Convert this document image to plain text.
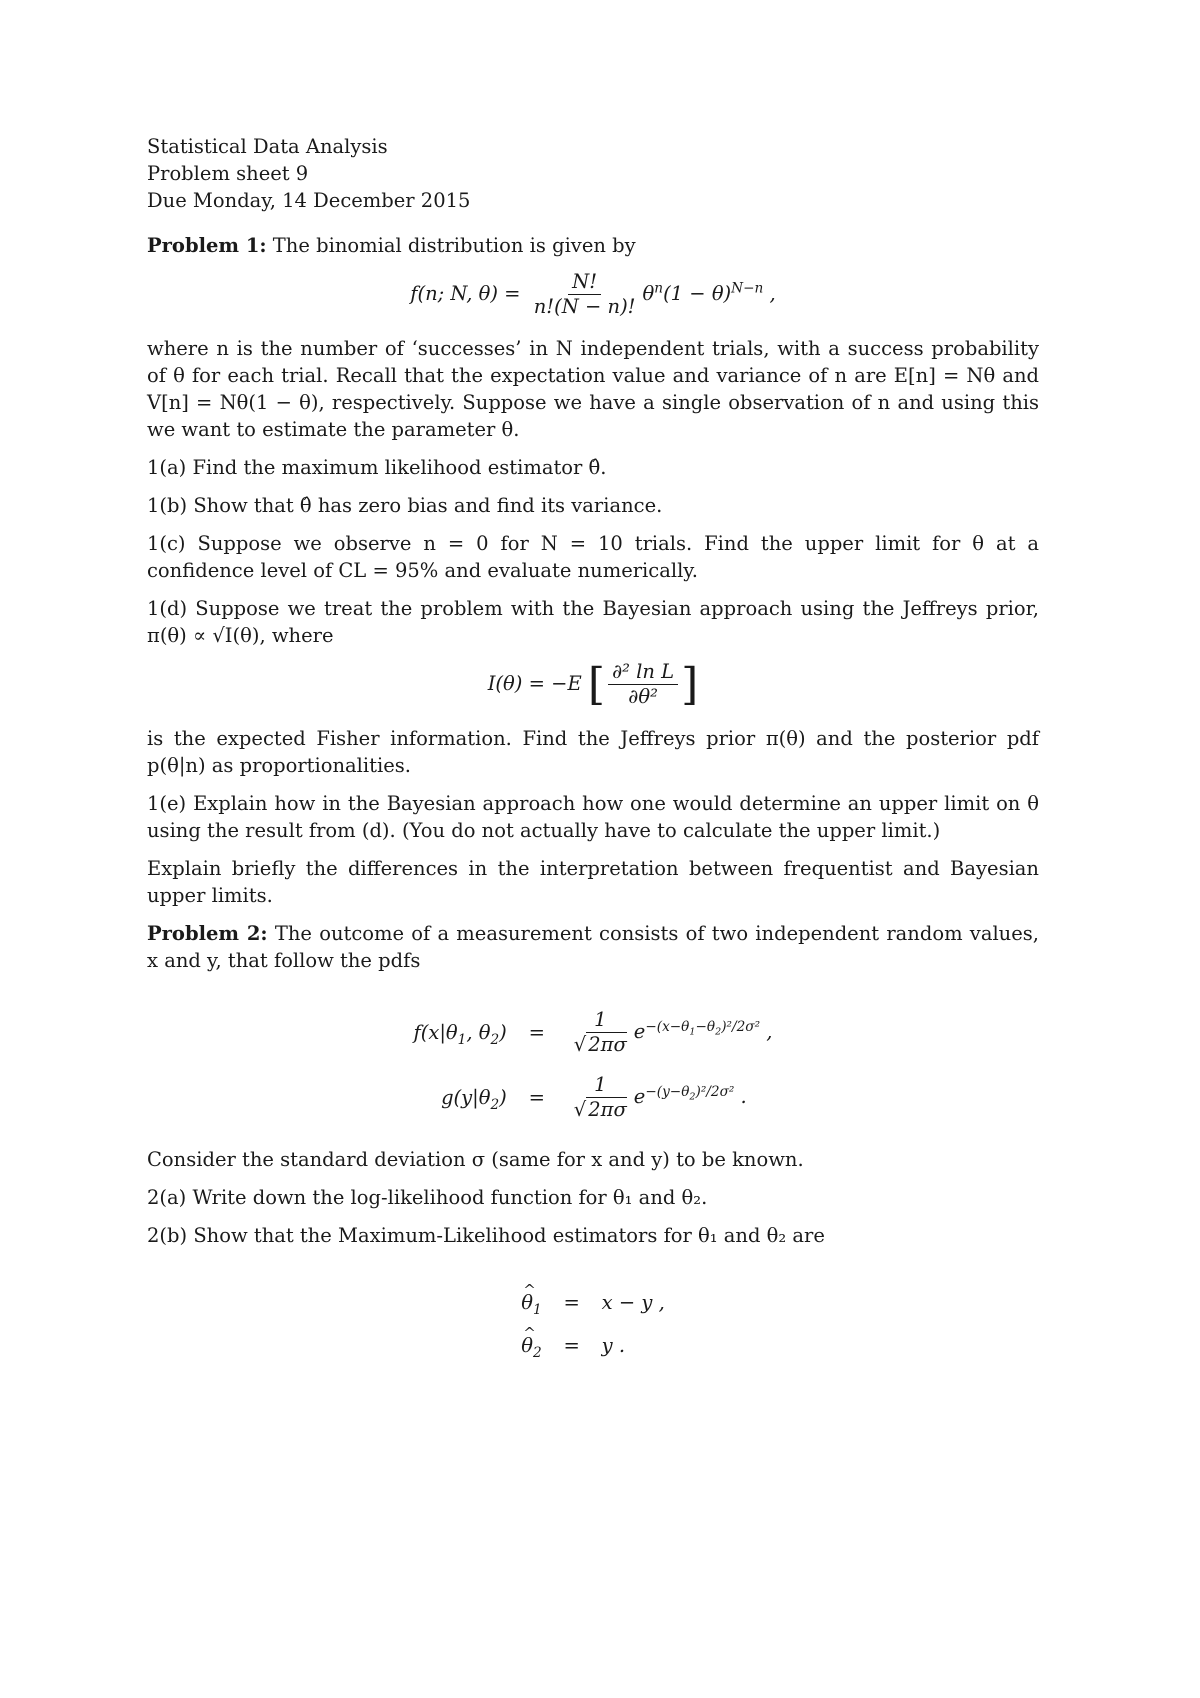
Statistical Data Analysis
Problem sheet 9
Due Monday, 14 December 2015

Problem 1: The binomial distribution is given by

f(n; N, $\theta) = \frac{N!}{n!(N - n)!} \theta^n(1 - \theta)^{N-n}$ ,

where n is the number of ‘successes’ in N independent trials, with a success probability of θ for each trial. Recall that the expectation value and variance of n are E[n] = Nθ and V[n] = Nθ(1 − θ), respectively. Suppose we have a single observation of n and using this we want to estimate the parameter θ.

1(a) Find the maximum likelihood estimator θ̂.

1(b) Show that θ̂ has zero bias and find its variance.

1(c) Suppose we observe n = 0 for N = 10 trials. Find the upper limit for θ at a confidence level of CL = 95% and evaluate numerically.

1(d) Suppose we treat the problem with the Bayesian approach using the Jeffreys prior, π(θ) ∝ √I(θ), where

I(θ) = −E [ $\frac{\text{∂² ln L}}{\text{∂θ²}}$ ]

is the expected Fisher information. Find the Jeffreys prior π(θ) and the posterior pdf p(θ|n) as proportionalities.

1(e) Explain how in the Bayesian approach how one would determine an upper limit on θ using the result from (d). (You do not actually have to calculate the upper limit.)

Explain briefly the differences in the interpretation between frequentist and Bayesian upper limits.

Problem 2: The outcome of a measurement consists of two independent random values, x and y, that follow the pdfs

$f(x|\theta_1$, $\theta_2$)	=	$\frac{1}{√ 2\pi\sigma} e^{-(x-\theta_1-\theta_2)^2/2\sigma^2}$ ,
$g(y|\theta_2)$	=	$\frac{1}{√ 2\pi\sigma} e^{-(y-\theta_2)^2/2\sigma^2}$ .

Consider the standard deviation σ (same for x and y) to be known.

2(a) Write down the log-likelihood function for θ₁ and θ₂.

2(b) Show that the Maximum-Likelihood estimators for θ₁ and θ₂ are

^ $\theta_1$	=	x − y ,
^ $\theta_2$	=	y .
